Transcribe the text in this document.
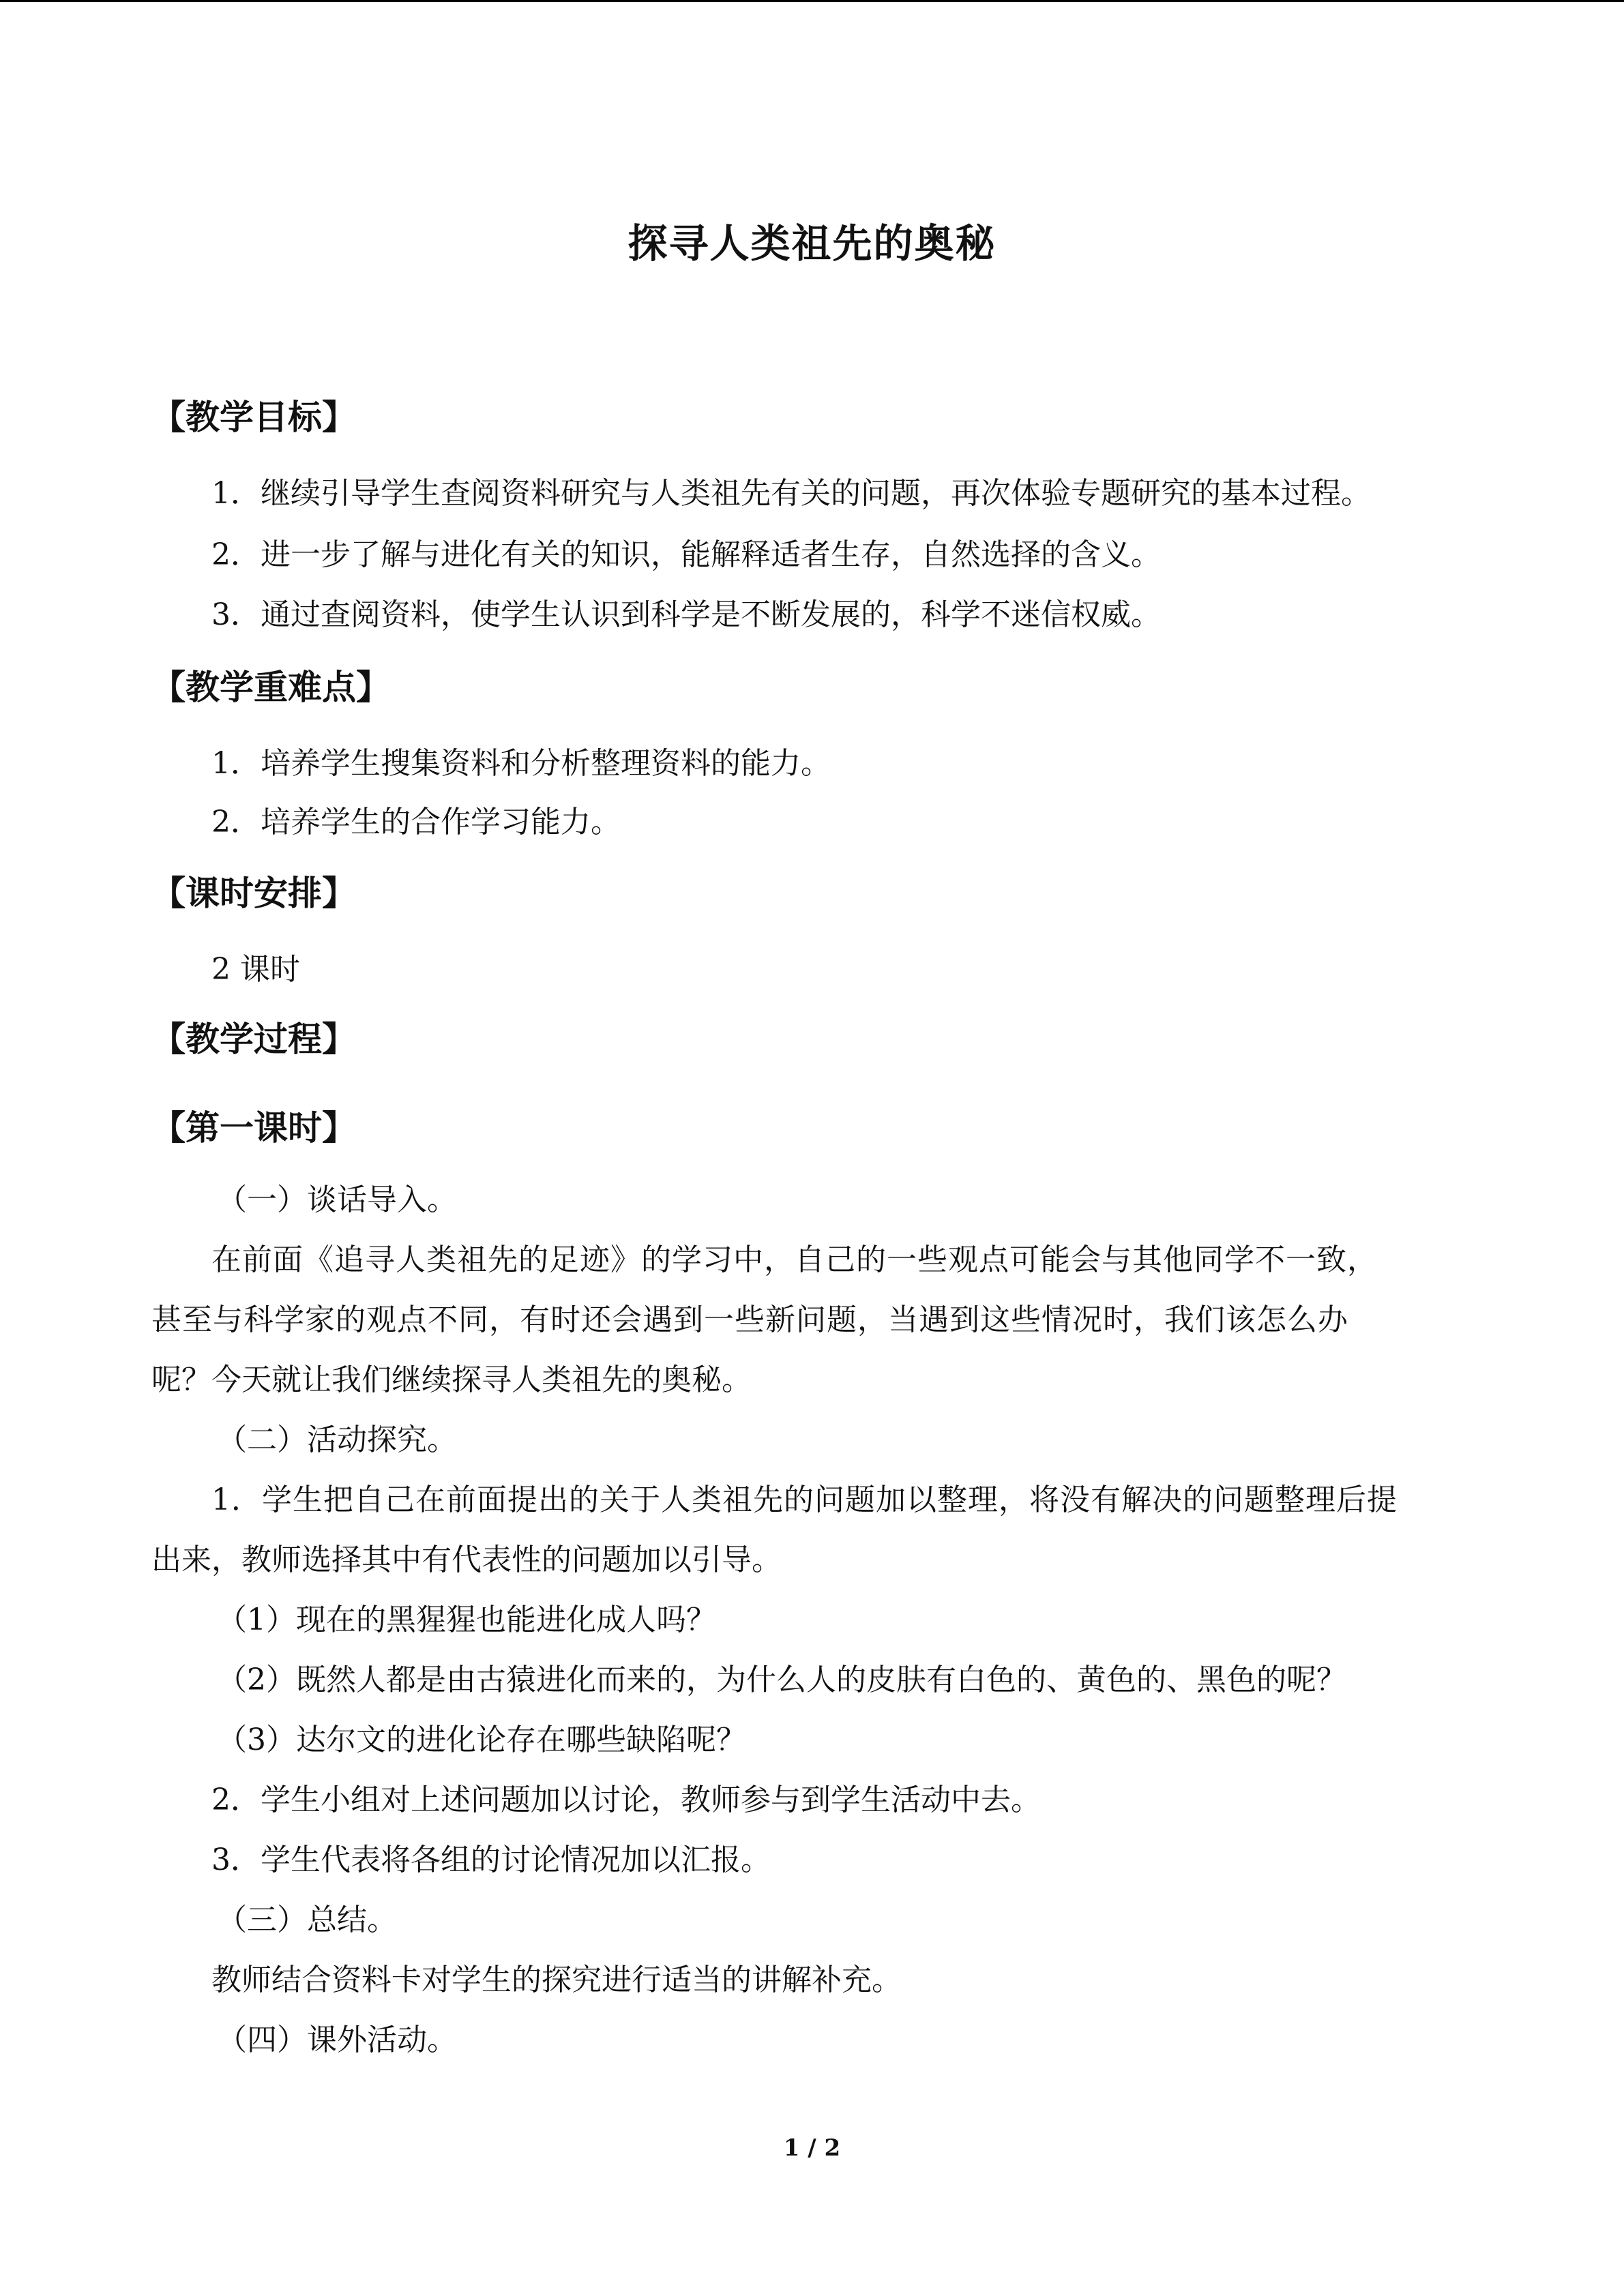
探寻人类祖先的奥秘
【教学目标】
1．继续引导学生查阅资料研究与人类祖先有关的问题，再次体验专题研究的基本过程。
2．进一步了解与进化有关的知识，能解释适者生存，自然选择的含义。
3．通过查阅资料，使学生认识到科学是不断发展的，科学不迷信权威。
【教学重难点】
1．培养学生搜集资料和分析整理资料的能力。
2．培养学生的合作学习能力。
【课时安排】
2 课时
【教学过程】
【第一课时】
（一）谈话导入。
在前面《追寻人类祖先的足迹》的学习中，自己的一些观点可能会与其他同学不一致，
甚至与科学家的观点不同，有时还会遇到一些新问题，当遇到这些情况时，我们该怎么办
呢？今天就让我们继续探寻人类祖先的奥秘。
（二）活动探究。
1．学生把自己在前面提出的关于人类祖先的问题加以整理，将没有解决的问题整理后提
出来，教师选择其中有代表性的问题加以引导。
（1）现在的黑猩猩也能进化成人吗？
（2）既然人都是由古猿进化而来的，为什么人的皮肤有白色的、黄色的、黑色的呢？
（3）达尔文的进化论存在哪些缺陷呢？
2．学生小组对上述问题加以讨论，教师参与到学生活动中去。
3．学生代表将各组的讨论情况加以汇报。
（三）总结。
教师结合资料卡对学生的探究进行适当的讲解补充。
（四）课外活动。
1 / 2
